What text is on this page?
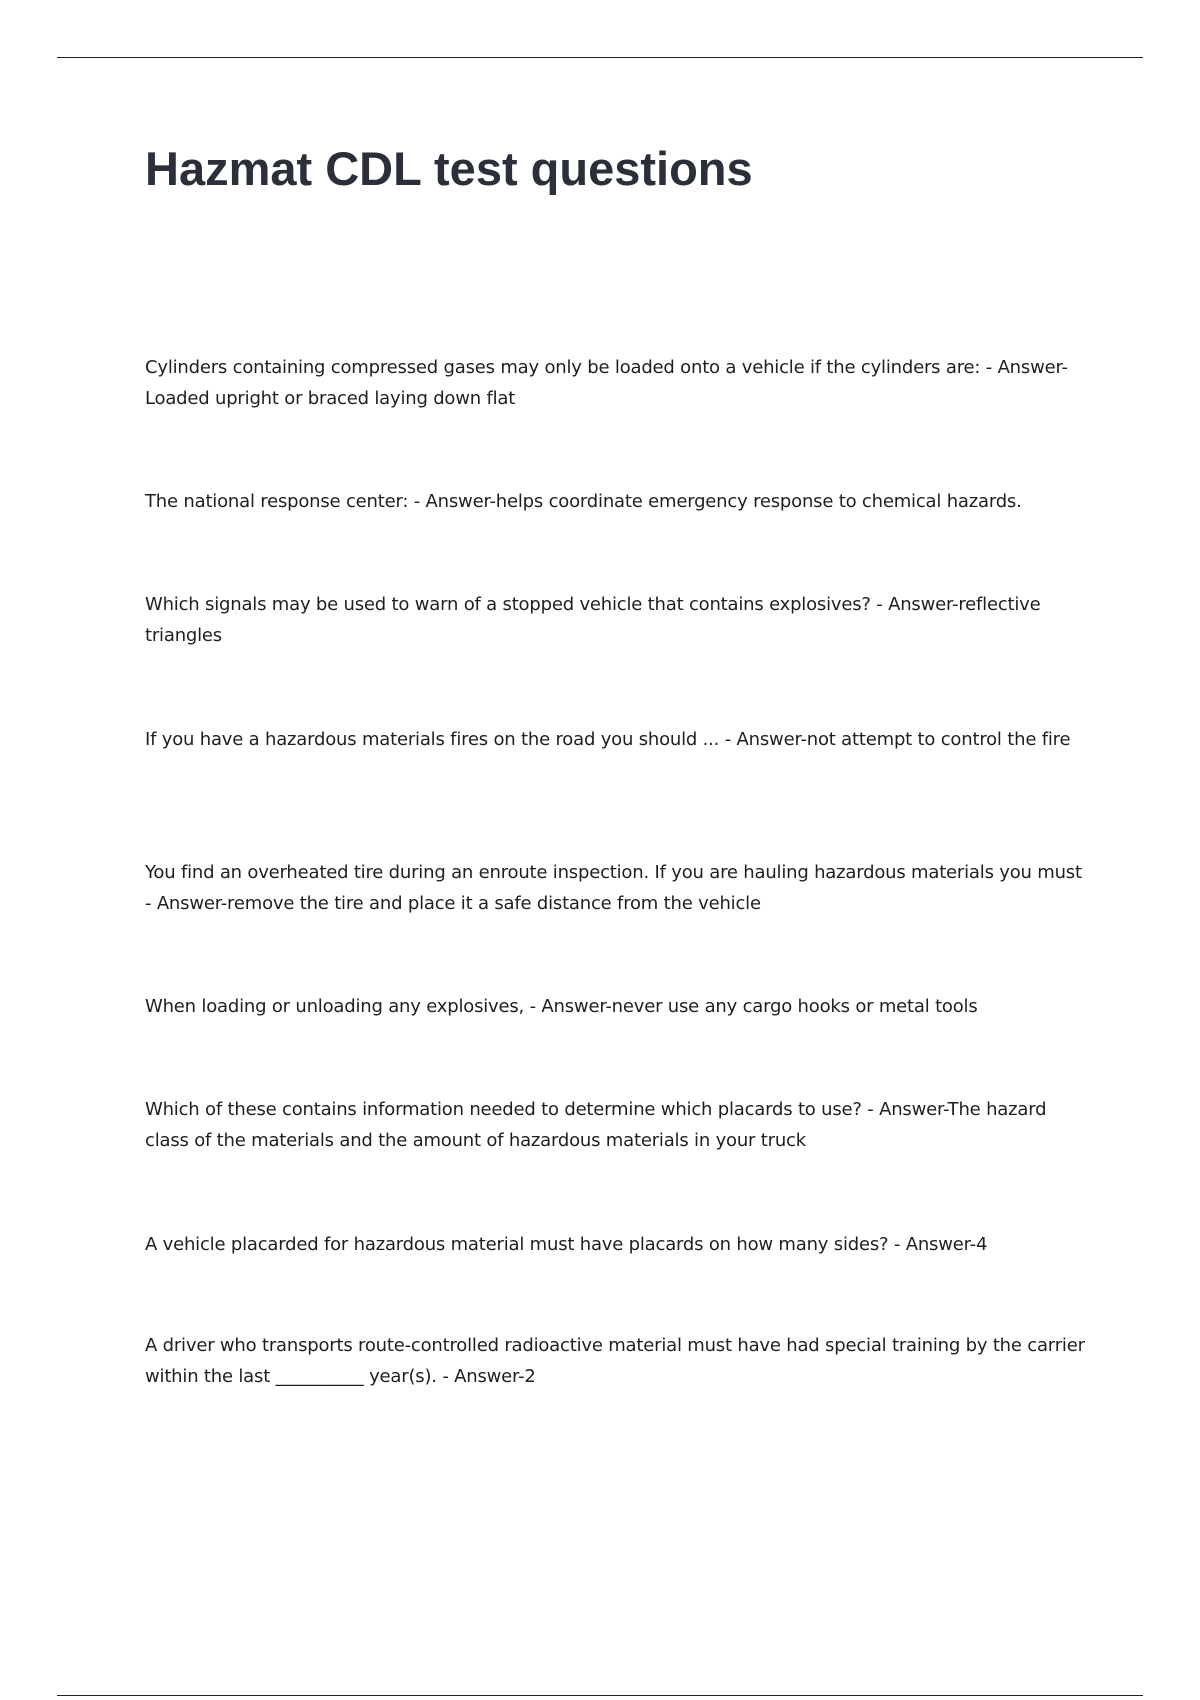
Hazmat CDL test questions

Cylinders containing compressed gases may only be loaded onto a vehicle if the cylinders are: - Answer-Loaded upright or braced laying down flat

The national response center: - Answer-helps coordinate emergency response to chemical hazards.

Which signals may be used to warn of a stopped vehicle that contains explosives? - Answer-reflective triangles

If you have a hazardous materials fires on the road you should ... - Answer-not attempt to control the fire

You find an overheated tire during an enroute inspection. If you are hauling hazardous materials you must - Answer-remove the tire and place it a safe distance from the vehicle

When loading or unloading any explosives, - Answer-never use any cargo hooks or metal tools

Which of these contains information needed to determine which placards to use? - Answer-The hazard class of the materials and the amount of hazardous materials in your truck

A vehicle placarded for hazardous material must have placards on how many sides? - Answer-4

A driver who transports route-controlled radioactive material must have had special training by the carrier within the last __________ year(s). - Answer-2
